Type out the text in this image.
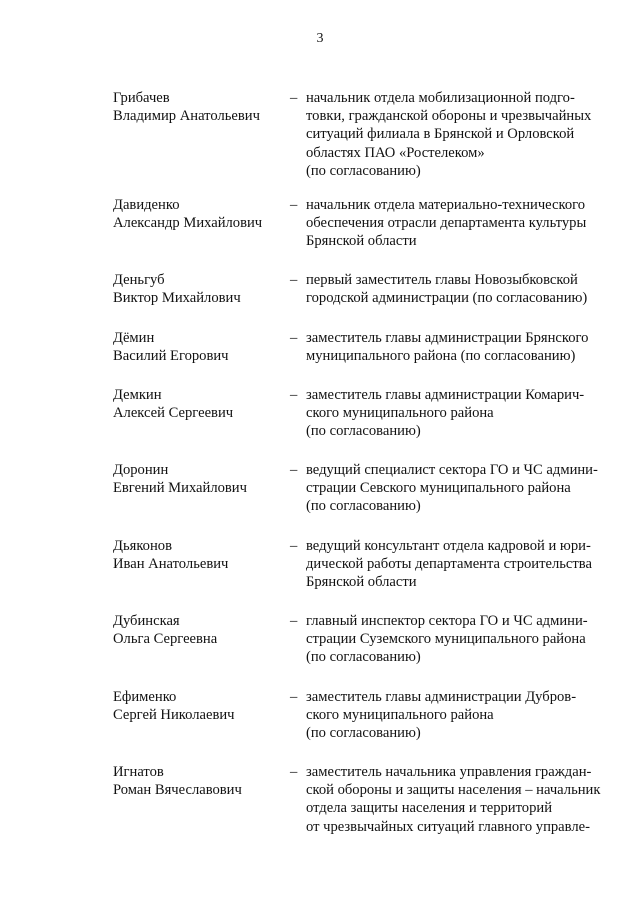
3
Грибачев
Владимир Анатольевич
– начальник отдела мобилизационной подго-
товки, гражданской обороны и чрезвычайных
ситуаций филиала в Брянской и Орловской
областях ПАО «Ростелеком»
(по согласованию)
Давиденко
Александр Михайлович
– начальник отдела материально-технического
обеспечения отрасли департамента культуры
Брянской области
Деньгуб
Виктор Михайлович
– первый заместитель главы Новозыбковской
городской администрации (по согласованию)
Дёмин
Василий Егорович
– заместитель главы администрации Брянского
муниципального района (по согласованию)
Демкин
Алексей Сергеевич
– заместитель главы администрации Комарич-
ского муниципального района
(по согласованию)
Доронин
Евгений Михайлович
– ведущий специалист сектора ГО и ЧС админи-
страции Севского муниципального района
(по согласованию)
Дьяконов
Иван Анатольевич
– ведущий консультант отдела кадровой и юри-
дической работы департамента строительства
Брянской области
Дубинская
Ольга Сергеевна
– главный инспектор сектора ГО и ЧС админи-
страции Суземского муниципального района
(по согласованию)
Ефименко
Сергей Николаевич
– заместитель главы администрации Дубров-
ского муниципального района
(по согласованию)
Игнатов
Роман Вячеславович
– заместитель начальника управления граждан-
ской обороны и защиты населения – начальник
отдела защиты населения и территорий
от чрезвычайных ситуаций главного управле-
